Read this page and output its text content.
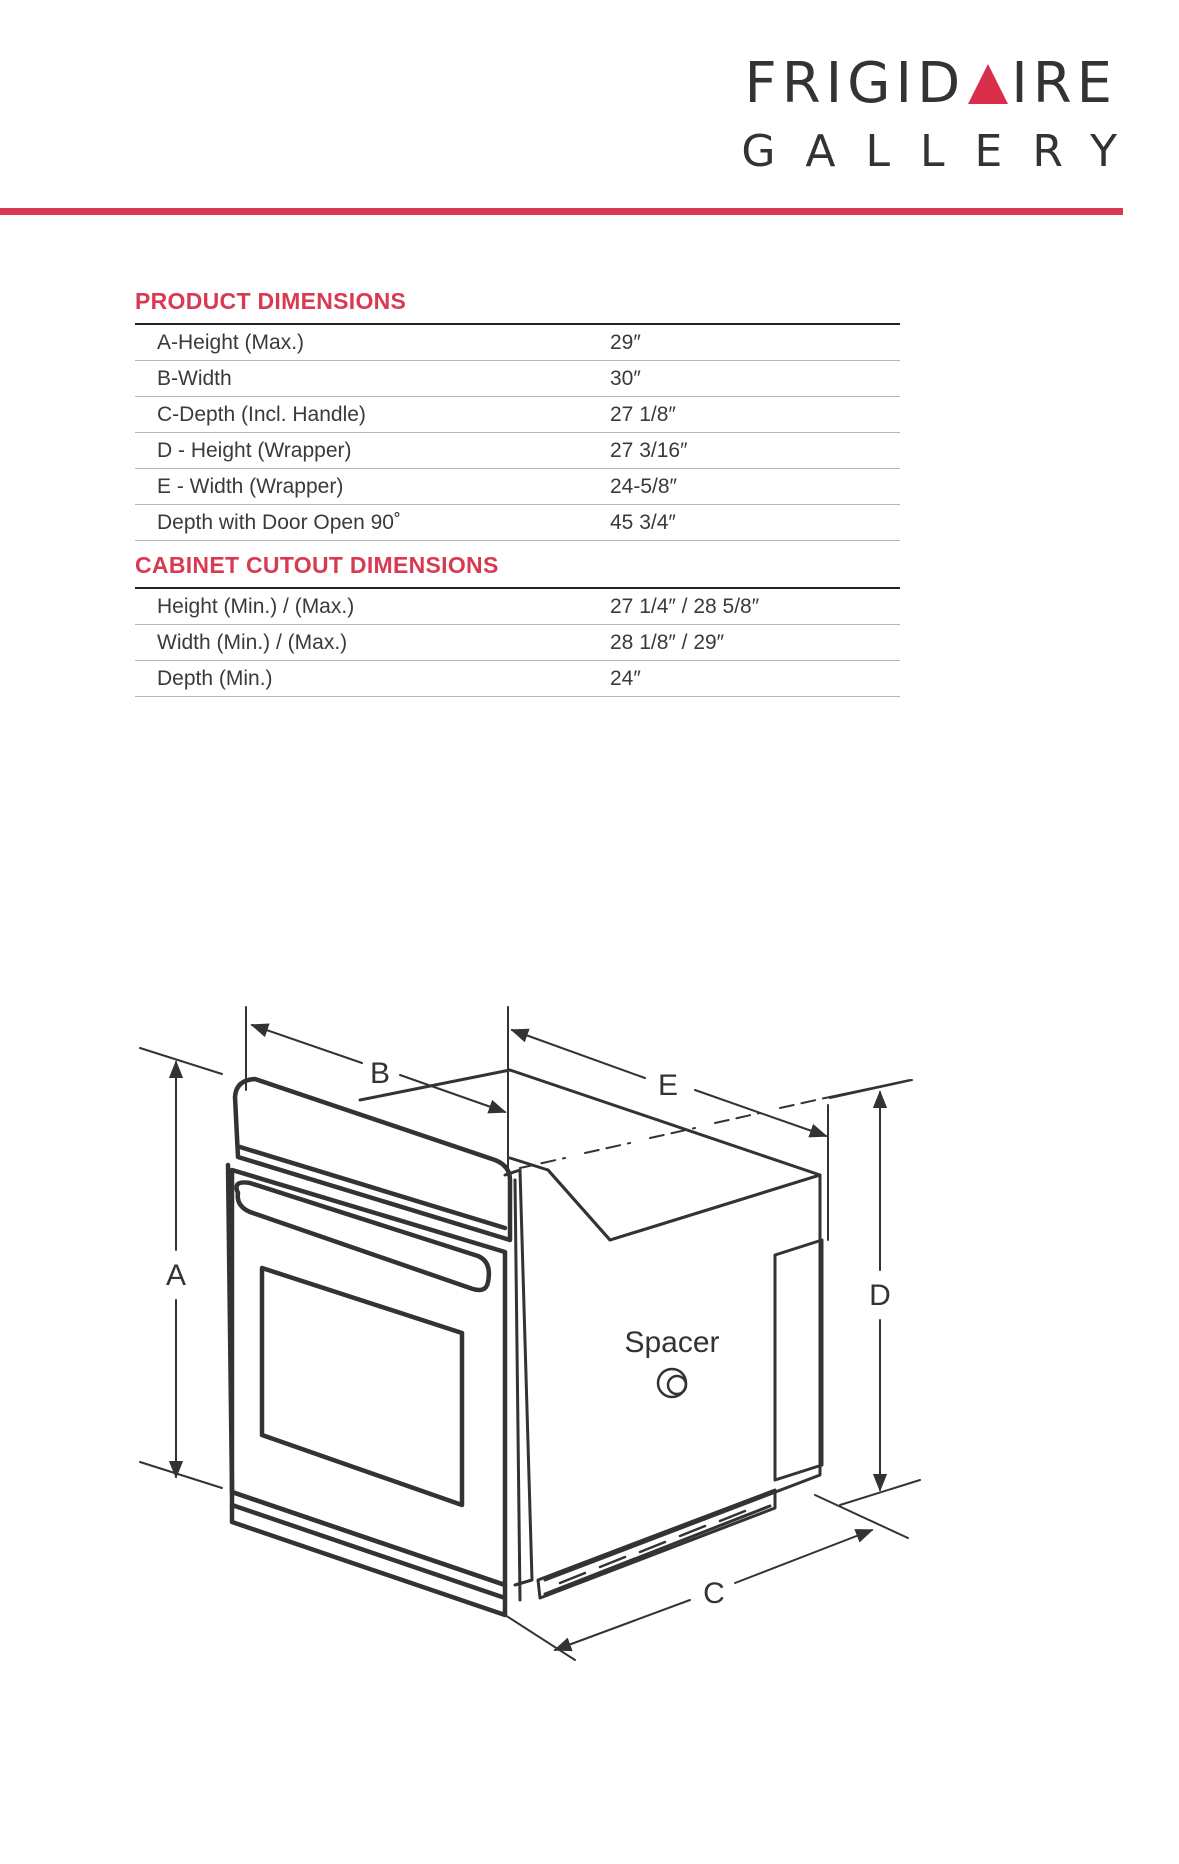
FRIGID IRE
GALLERY
PRODUCT DIMENSIONS
A-Height (Max.)	29″
B-Width	30″
C-Depth (Incl. Handle)	27 1/8″
D - Height (Wrapper)	27 3/16″
E - Width (Wrapper)	24-5/8″
Depth with Door Open 90˚	45 3/4″
CABINET CUTOUT DIMENSIONS
Height (Min.) / (Max.)	27 1/4″ / 28 5/8″
Width (Min.) / (Max.)	28 1/8″ / 29″
Depth (Min.)	24″
A
B	E
D
C
Spacer
